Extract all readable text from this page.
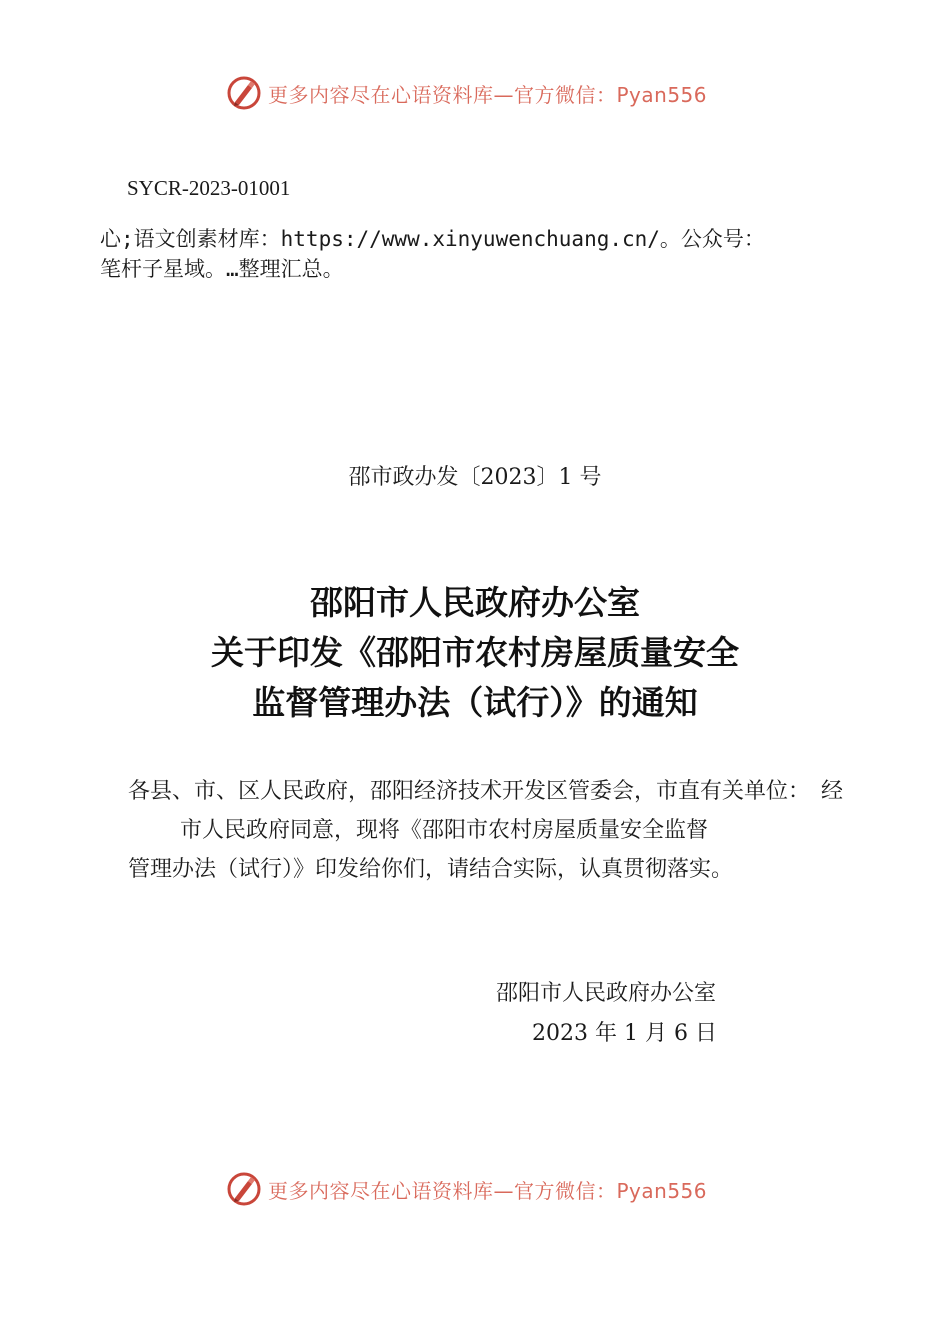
更多内容尽在心语资料库—官方微信：Pyan556
SYCR-2023-01001
心;语文创素材库：https://www.xinyuwenchuang.cn/。公众号：
笔杆子星域。…整理汇总。
邵市政办发〔2023〕1 号
邵阳市人民政府办公室
关于印发《邵阳市农村房屋质量安全
监督管理办法（试行）》的通知
各县、市、区人民政府，邵阳经济技术开发区管委会，市直有关单位：　经
市人民政府同意，现将《邵阳市农村房屋质量安全监督
管理办法（试行）》印发给你们，请结合实际，认真贯彻落实。
邵阳市人民政府办公室
2023 年 1 月 6 日
更多内容尽在心语资料库—官方微信：Pyan556
